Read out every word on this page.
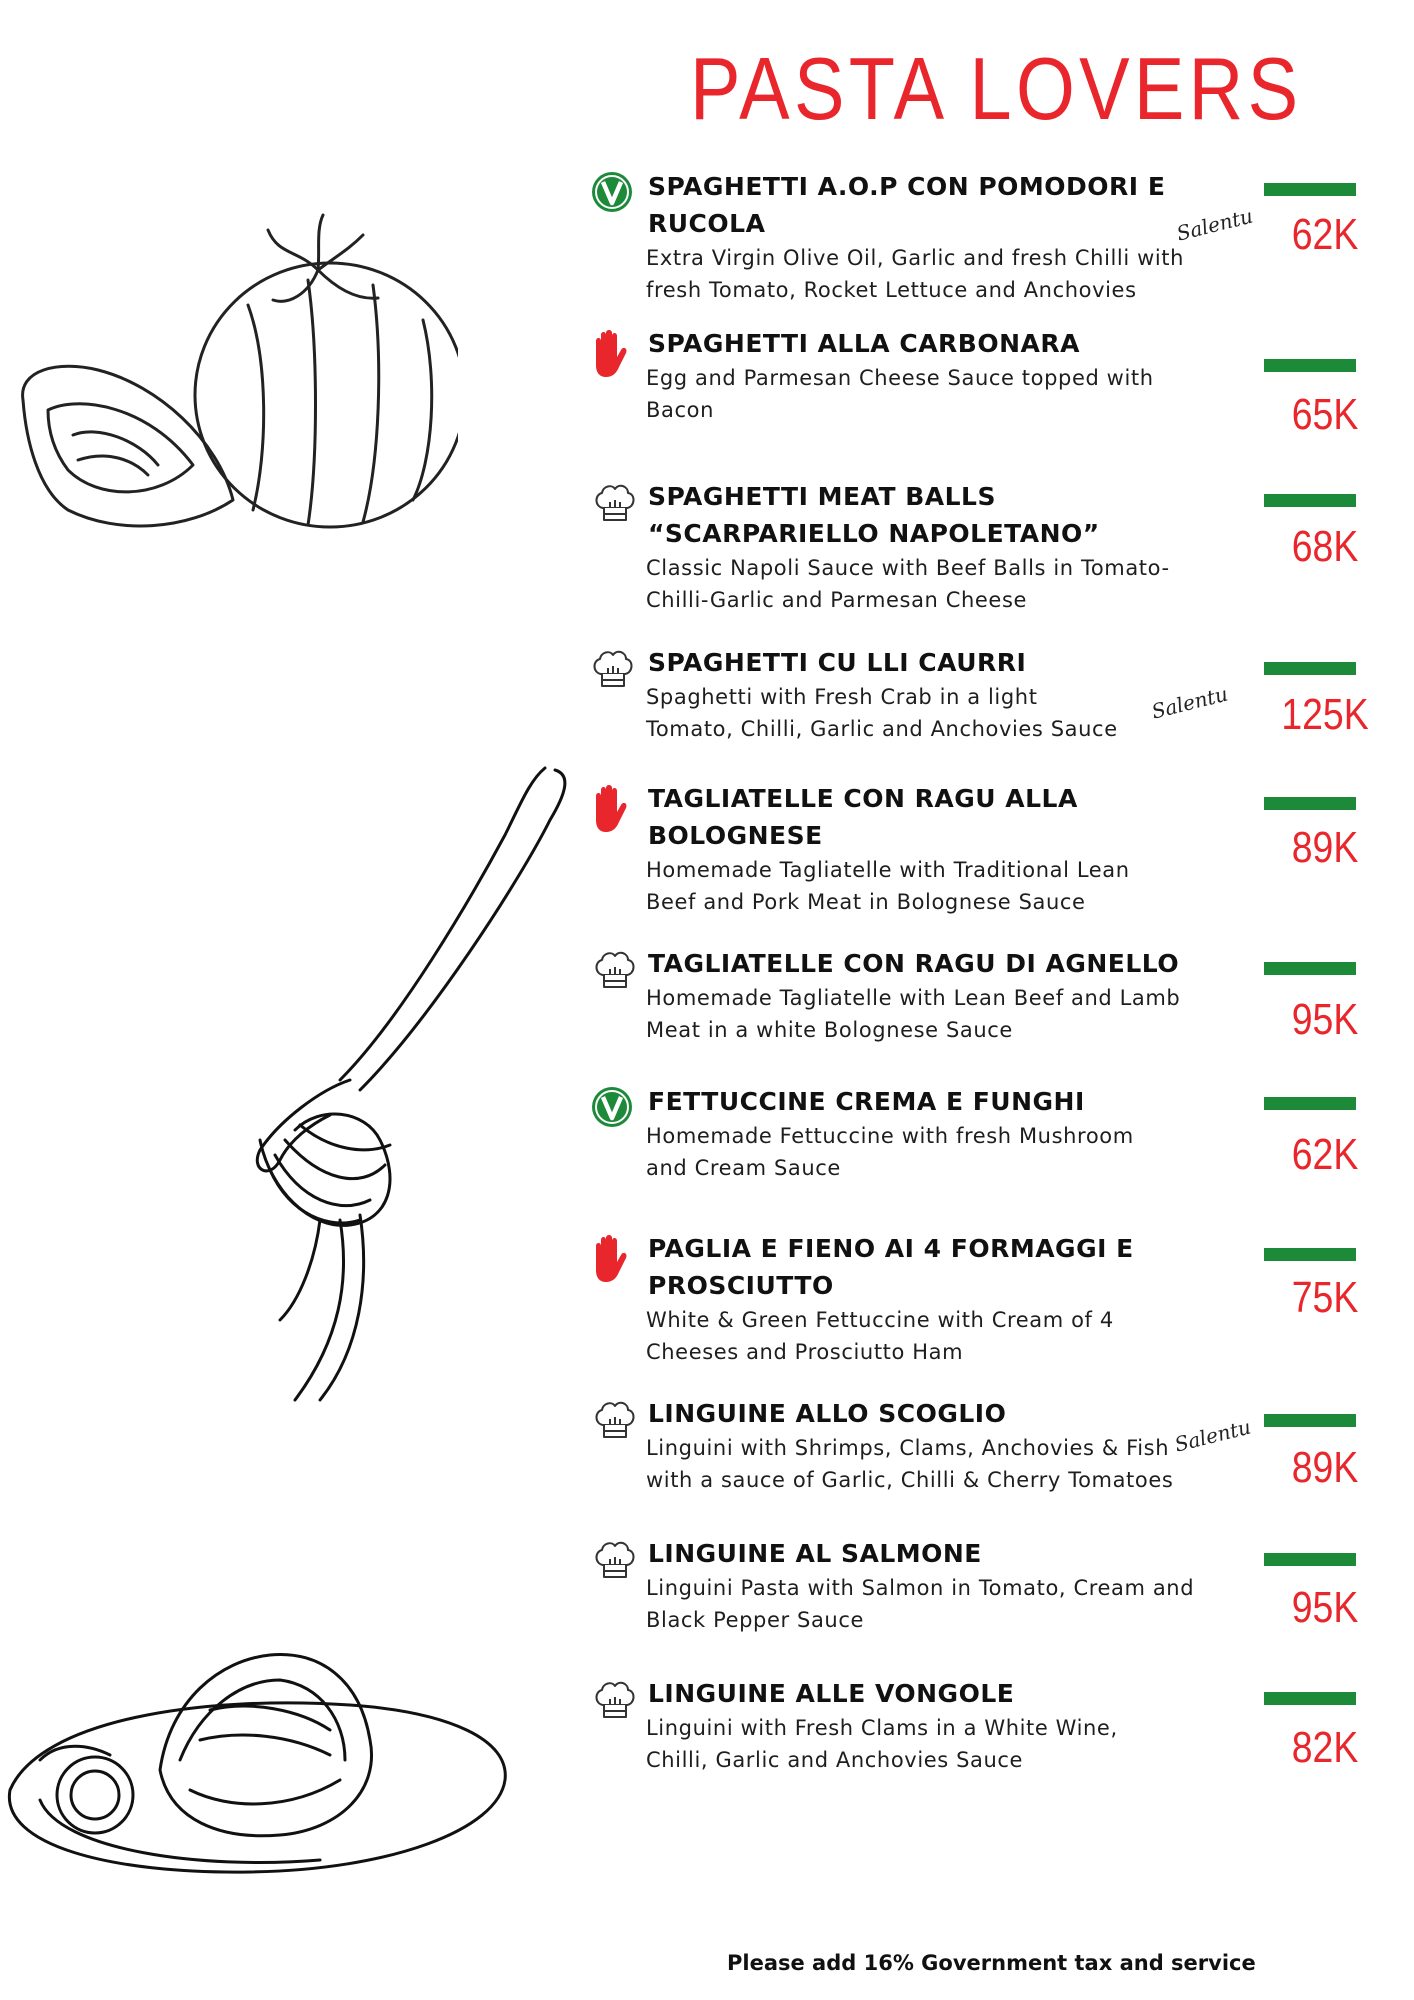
PASTA LOVERS
SPAGHETTI A.O.P CON POMODORI E
RUCOLA
Extra Virgin Olive Oil, Garlic and fresh Chilli with
fresh Tomato, Rocket Lettuce and Anchovies
62K
Salentu
SPAGHETTI ALLA CARBONARA
Egg and Parmesan Cheese Sauce topped with
Bacon	65K
SPAGHETTI MEAT BALLS
“SCARPARIELLO NAPOLETANO”
Classic Napoli Sauce with Beef Balls in Tomato-
Chilli-Garlic and Parmesan Cheese
68K
SPAGHETTI CU LLI CAURRI
Spaghetti with Fresh Crab in a light
Tomato, Chilli, Garlic and Anchovies Sauce	125K
Salentu
TAGLIATELLE CON RAGU ALLA
BOLOGNESE
Homemade Tagliatelle with Traditional Lean
Beef and Pork Meat in Bolognese Sauce
89K
TAGLIATELLE CON RAGU DI AGNELLO
Homemade Tagliatelle with Lean Beef and Lamb
Meat in a white Bolognese Sauce	95K
FETTUCCINE CREMA E FUNGHI
Homemade Fettuccine with fresh Mushroom
and Cream Sauce	62K
PAGLIA E FIENO AI 4 FORMAGGI E
PROSCIUTTO
White & Green Fettuccine with Cream of 4
Cheeses and Prosciutto Ham
75K
LINGUINE ALLO SCOGLIO
Linguini with Shrimps, Clams, Anchovies & Fish
with a sauce of Garlic, Chilli & Cherry Tomatoes	89K
Salentu
LINGUINE AL SALMONE
Linguini Pasta with Salmon in Tomato, Cream and
Black Pepper Sauce	95K
LINGUINE ALLE VONGOLE
Linguini with Fresh Clams in a White Wine,
Chilli, Garlic and Anchovies Sauce	82K

Please add 16% Government tax and service
